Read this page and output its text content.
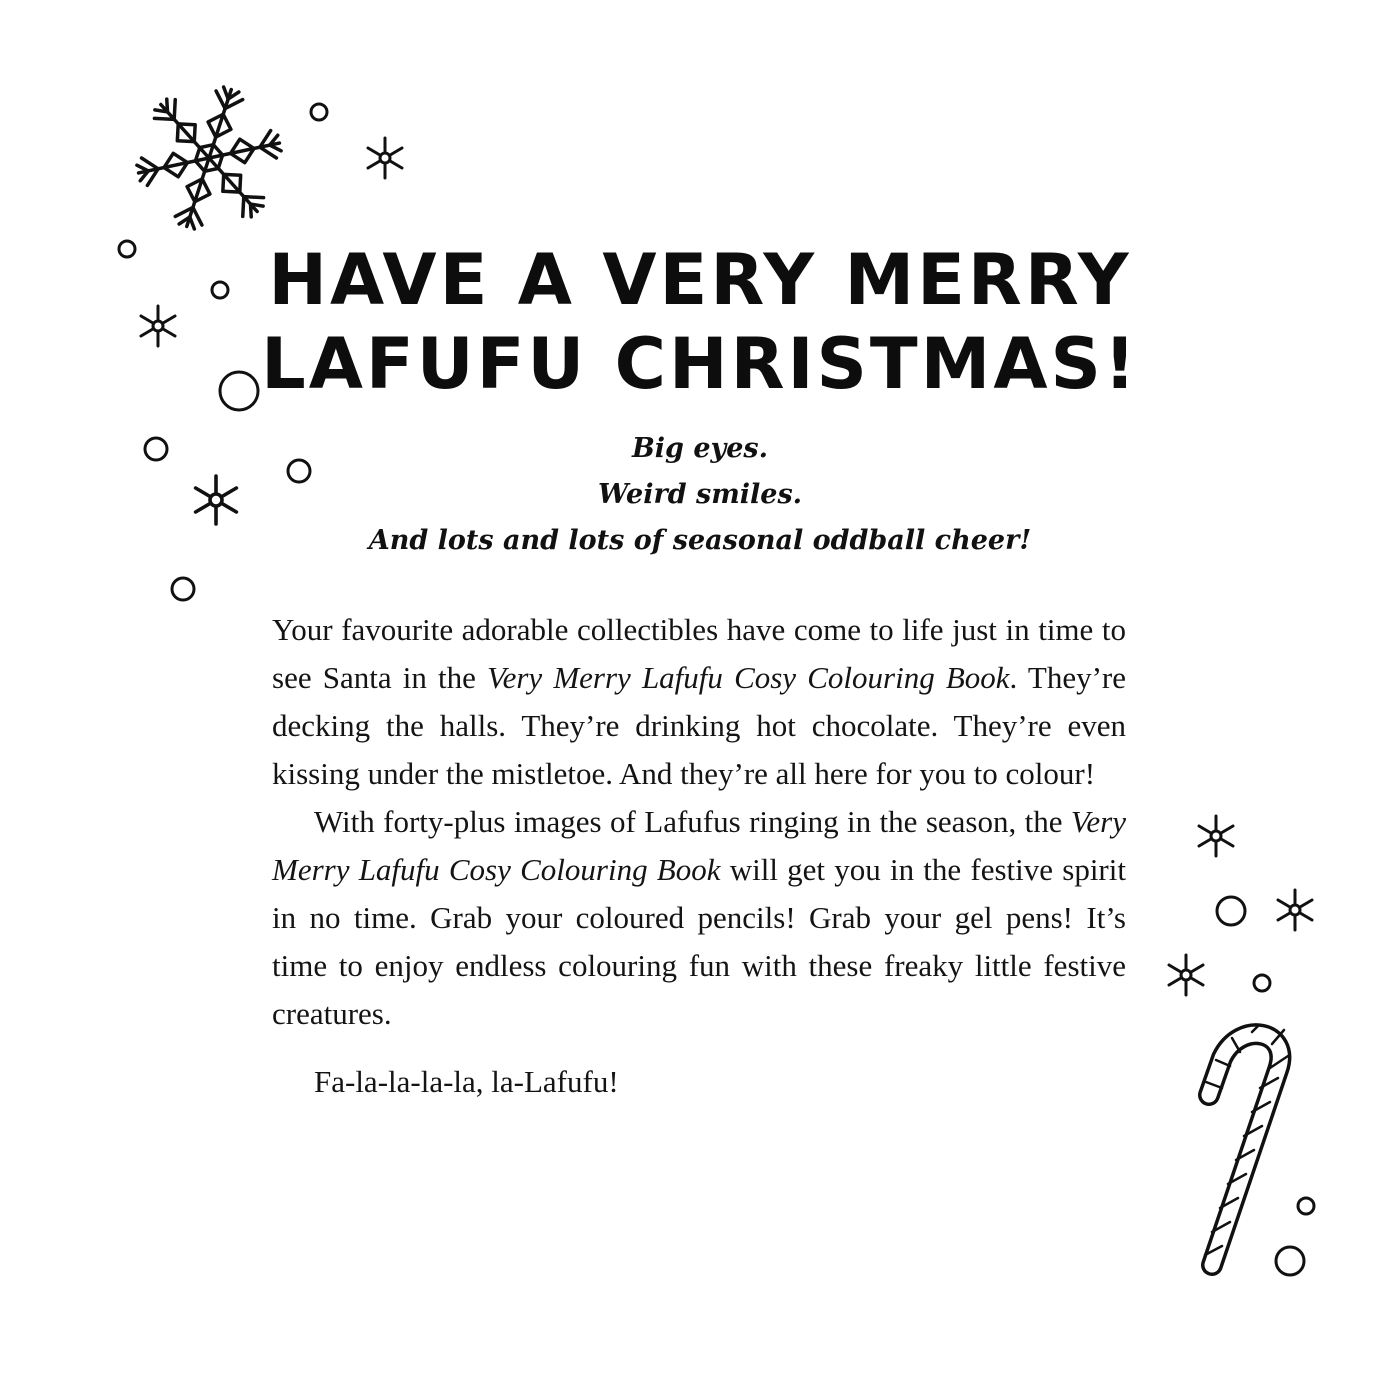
HAVE A VERY MERRY
LAFUFU CHRISTMAS!
Big eyes.
Weird smiles.
And lots and lots of seasonal oddball cheer!

Your favourite adorable collectibles have come to life just in time to see Santa in the Very Merry Lafufu Cosy Colouring Book. They’re decking the halls. They’re drinking hot chocolate. They’re even kissing under the mistletoe. And they’re all here for you to colour!

With forty-plus images of Lafufus ringing in the season, the Very Merry Lafufu Cosy Colouring Book will get you in the festive spirit in no time. Grab your coloured pencils! Grab your gel pens! It’s time to enjoy endless colouring fun with these freaky little festive creatures.

Fa-la-la-la-la, la-Lafufu!
